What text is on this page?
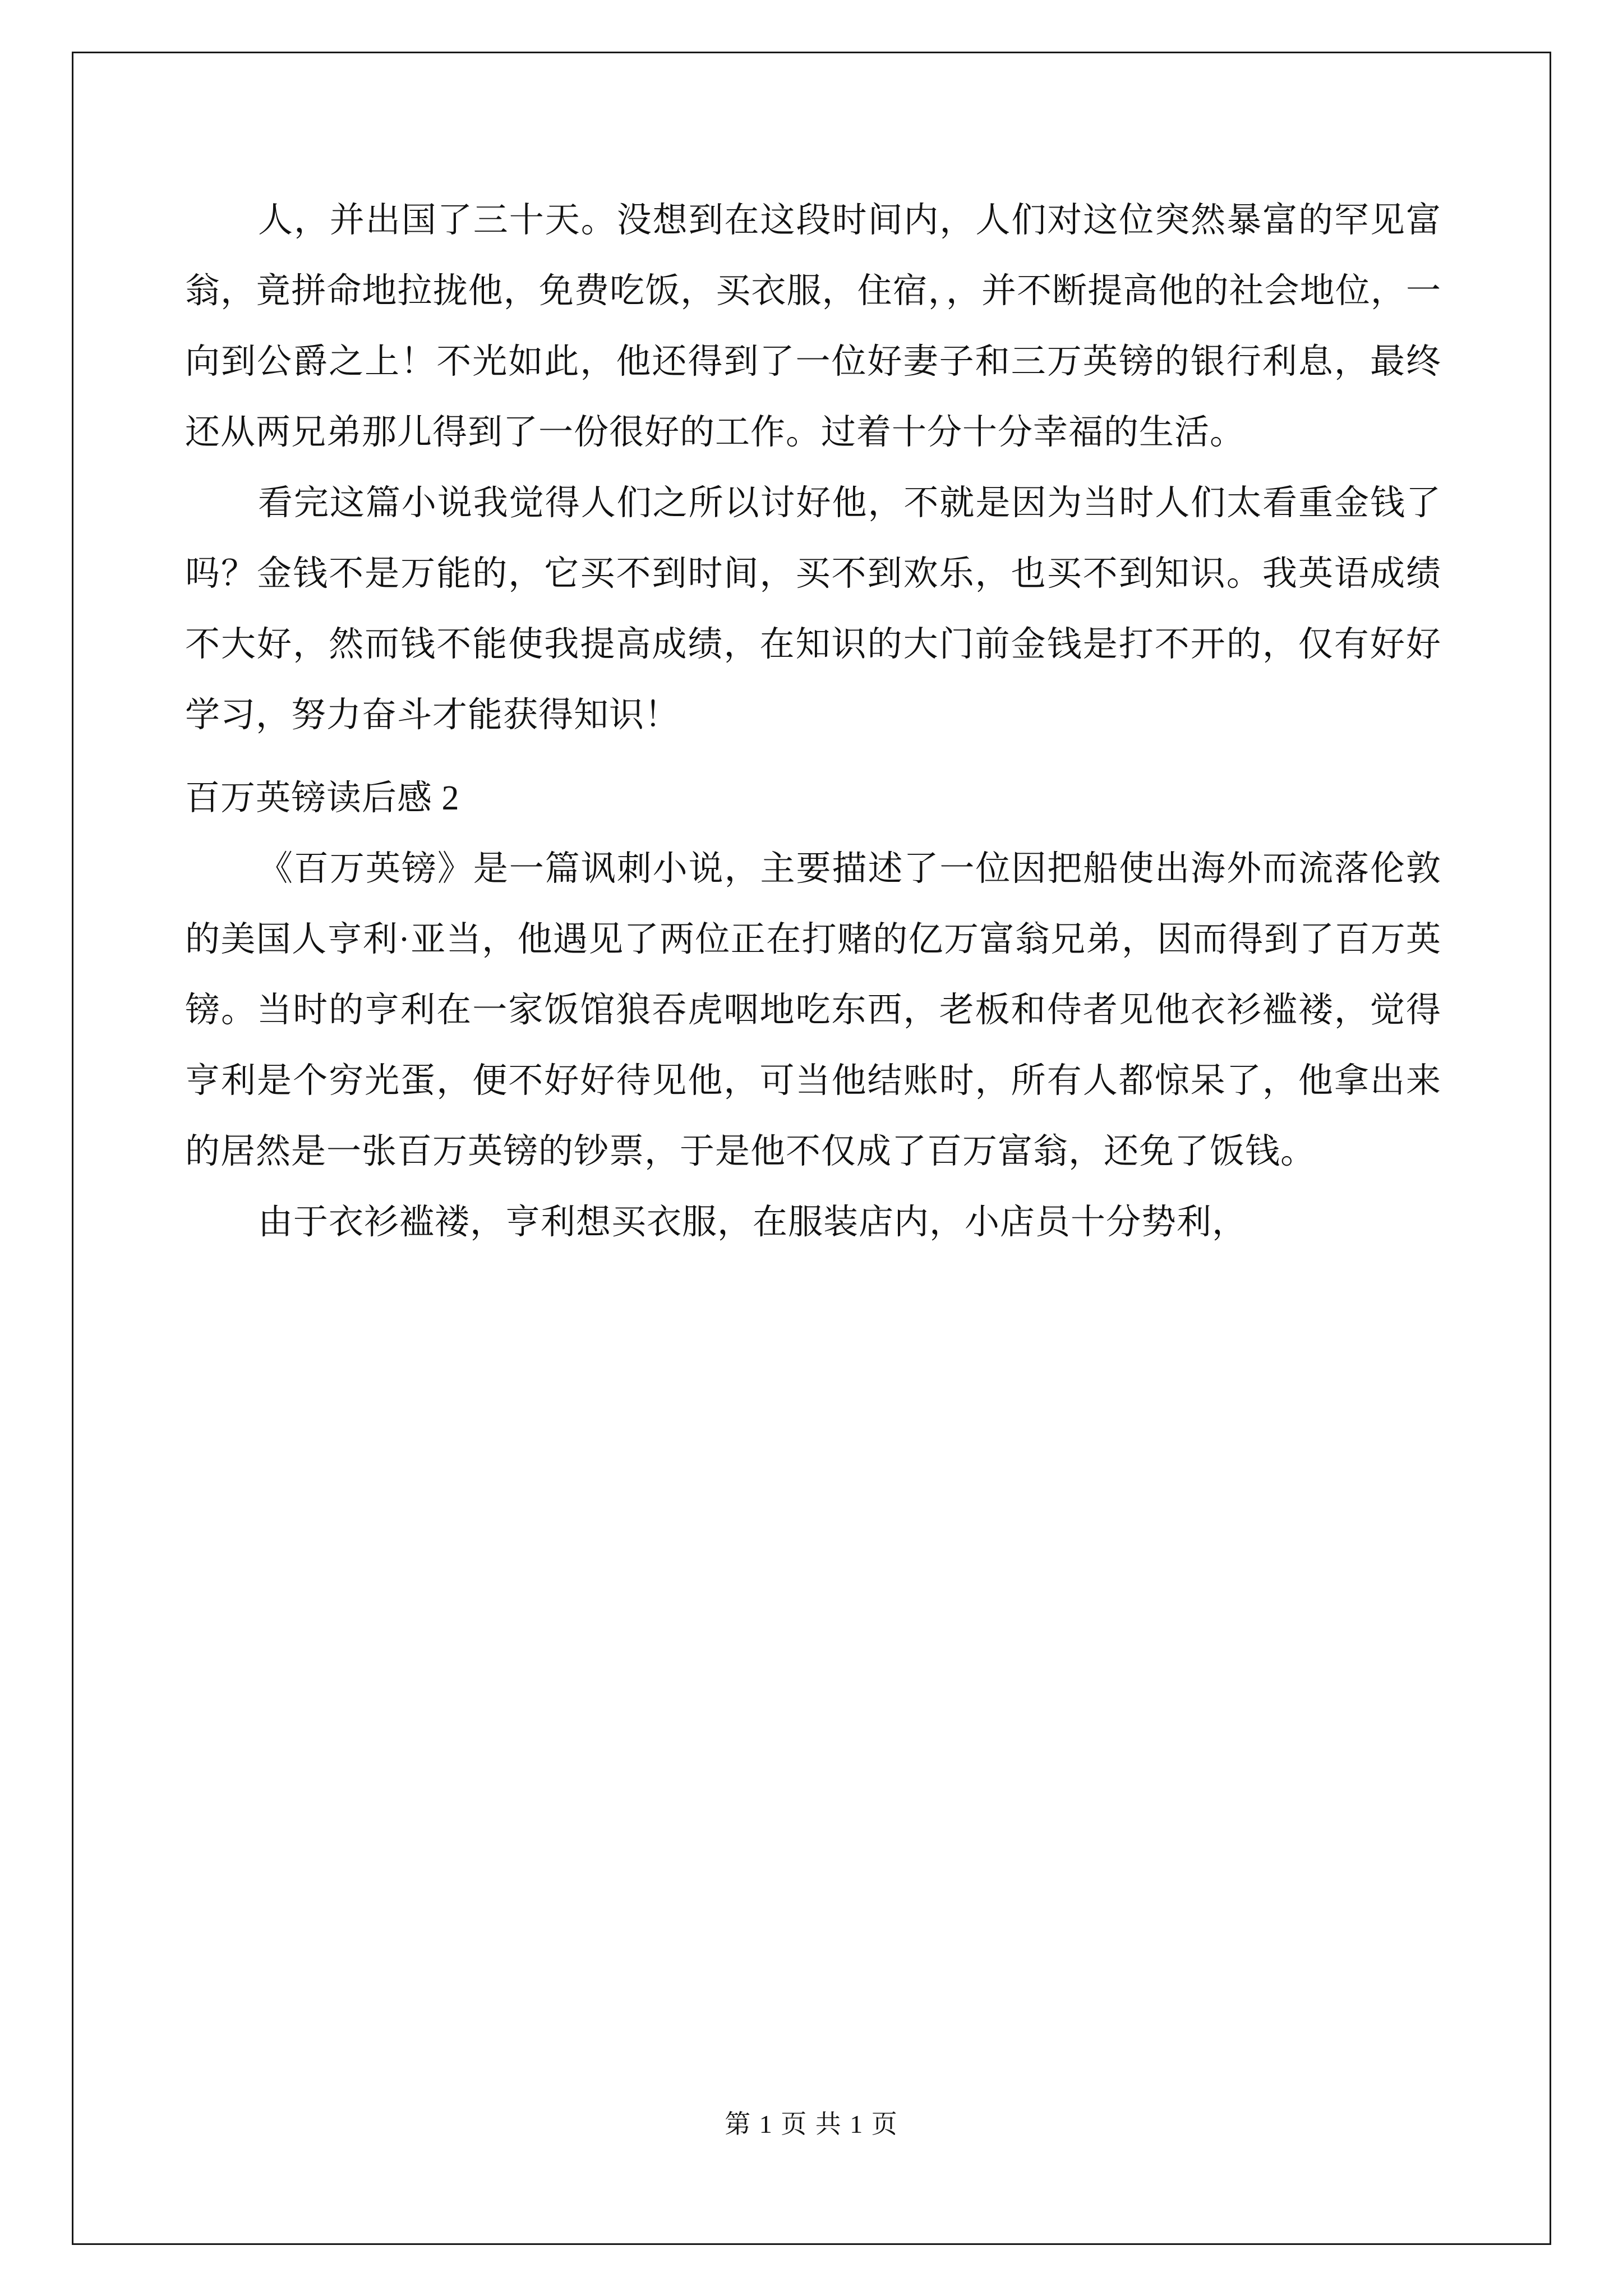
人，并出国了三十天。没想到在这段时间内，人们对这位突然暴富的罕见富翁，竟拼命地拉拢他，免费吃饭，买衣服，住宿，，并不断提高他的社会地位，一向到公爵之上！不光如此，他还得到了一位好妻子和三万英镑的银行利息，最终还从两兄弟那儿得到了一份很好的工作。过着十分十分幸福的生活。

看完这篇小说我觉得人们之所以讨好他，不就是因为当时人们太看重金钱了吗？金钱不是万能的，它买不到时间，买不到欢乐，也买不到知识。我英语成绩不大好，然而钱不能使我提高成绩，在知识的大门前金钱是打不开的，仅有好好学习，努力奋斗才能获得知识！

百万英镑读后感 2

《百万英镑》是一篇讽刺小说，主要描述了一位因把船使出海外而流落伦敦的美国人亨利·亚当，他遇见了两位正在打赌的亿万富翁兄弟，因而得到了百万英镑。当时的亨利在一家饭馆狼吞虎咽地吃东西，老板和侍者见他衣衫褴褛，觉得亨利是个穷光蛋，便不好好待见他，可当他结账时，所有人都惊呆了，他拿出来的居然是一张百万英镑的钞票，于是他不仅成了百万富翁，还免了饭钱。

由于衣衫褴褛，亨利想买衣服，在服装店内，小店员十分势利，

第 1 页 共 1 页
